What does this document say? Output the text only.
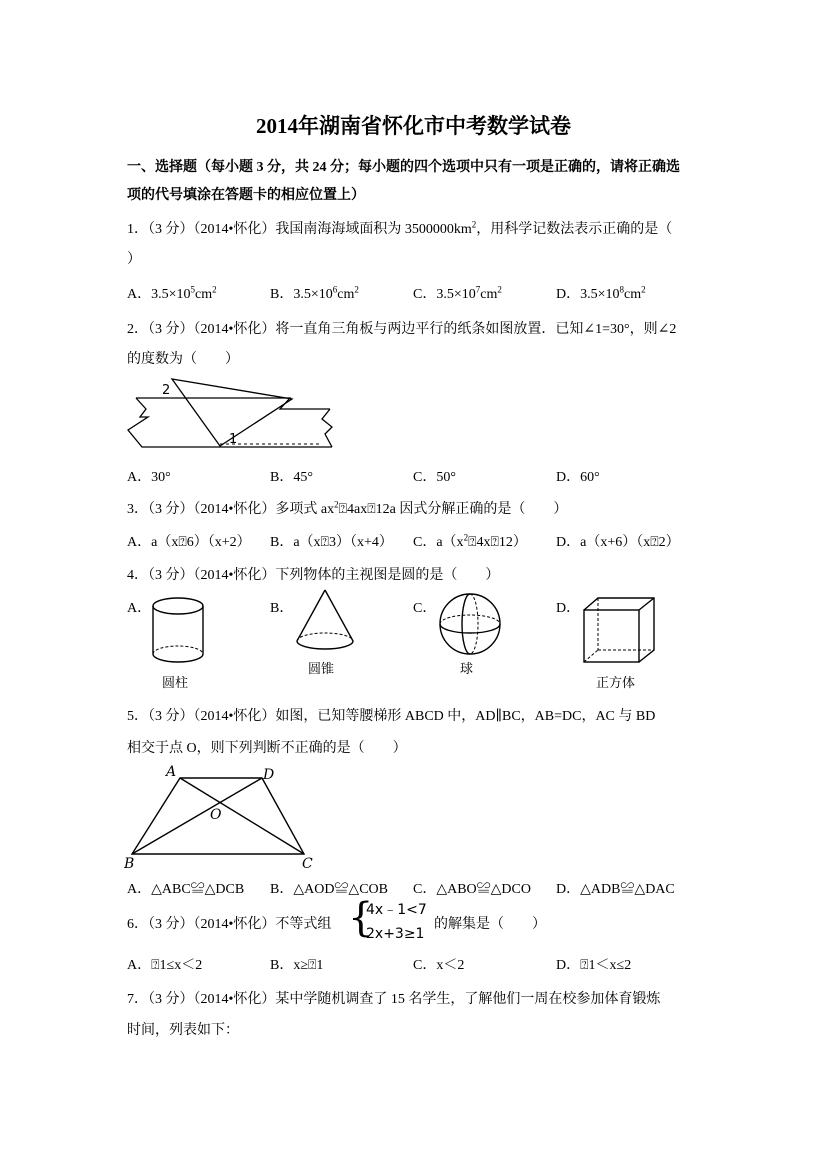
2014年湖南省怀化市中考数学试卷
一、选择题（每小题 3 分，共 24 分；每小题的四个选项中只有一项是正确的，请将正确选
项的代号填涂在答题卡的相应位置上）
1．（3 分）（2014•怀化）我国南海海域面积为 $3500000km^2$，用科学记数法表示正确的是（
）
A．$3.5\times 10^5cm^2$	B．$3.5\times 10^6cm^2$	C．$3.5\times 10^7cm^2$	D．$3.5\times 10^8cm^2$
2．（3 分）（2014•怀化）将一直角三角板与两边平行的纸条如图放置．已知∠1=30°，则∠2
的度数为（　　）
2
1
A．30°	B．45°	C．50°	D．60°
3．（3 分）（2014•怀化）多项式 $ax^2⍰4ax⍰12a$ 因式分解正确的是（　　）
A．a（x⍰6）（x+2） B．a（x⍰3）（x+4） C．$a(x^2⍰4x⍰12)$ D．a（x+6）（x⍰2）
4．（3 分）（2014•怀化）下列物体的主视图是圆的是（　　）
A．	B．	C．	D．
圆柱
圆锥	球
正方体
5．（3 分）（2014•怀化）如图，已知等腰梯形 ABCD 中，AD∥BC，AB=DC，AC 与 BD
相交于点 O，则下列判断不正确的是（　　）
A	D
O
B	C
A．△ABC≌△DCB B．△AOD≌△COB C．△ABO≌△DCO D．△ADB≌△DAC
6．（3 分）（2014•怀化）不等式组 {
4x﹣1<7
2x+3≥1
的解集是（　　）
A．⍰1≤x＜2	B．x≥⍰1	C．x＜2	D．⍰1＜x≤2
7．（3 分）（2014•怀化）某中学随机调查了 15 名学生，了解他们一周在校参加体育锻炼
时间，列表如下：
